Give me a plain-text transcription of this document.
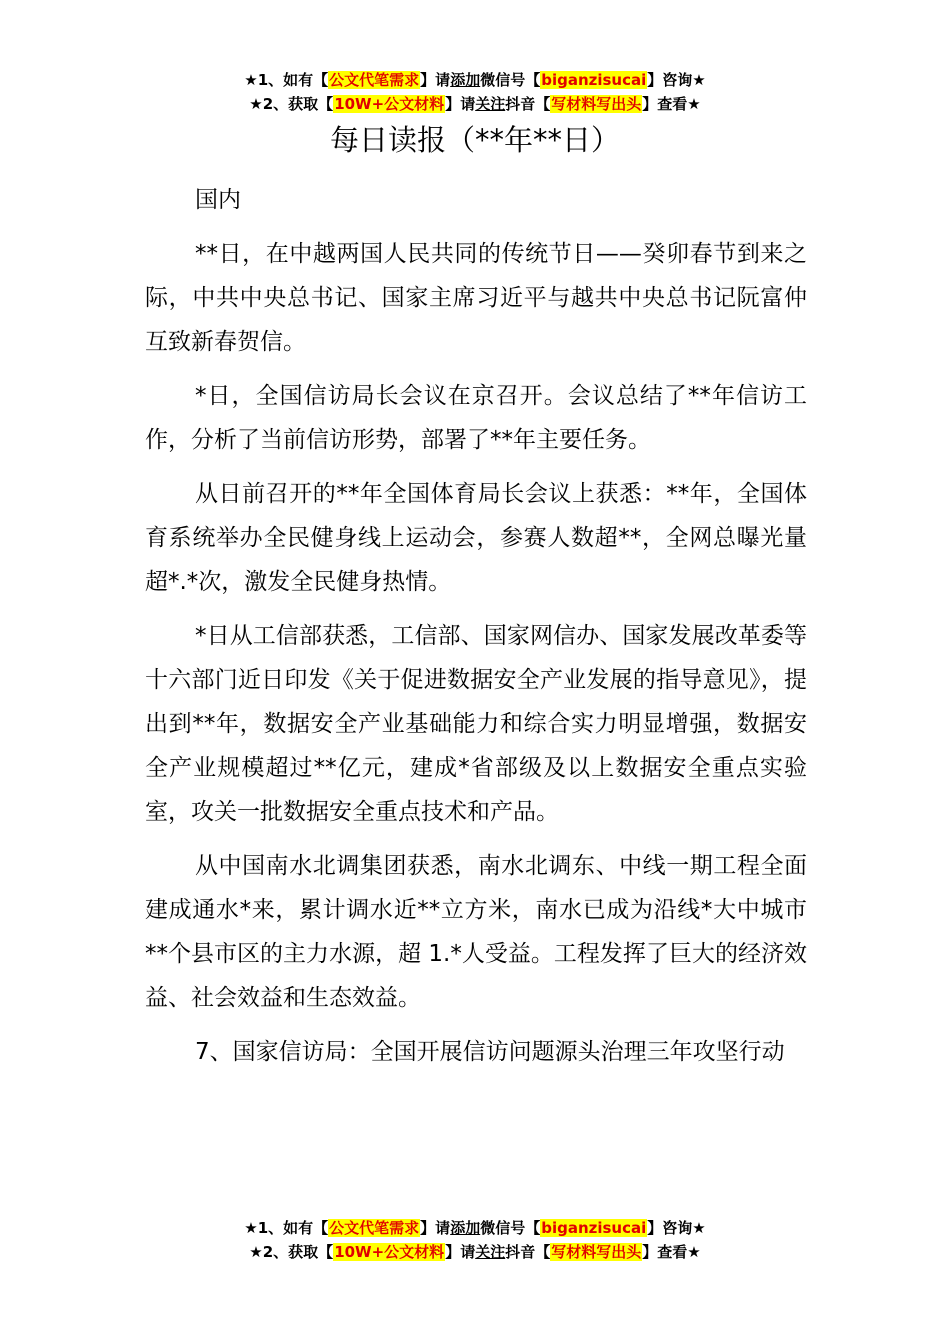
★1、如有【公文代笔需求】请添加微信号【biganzisucai】咨询★
★2、获取【10W+公文材料】请关注抖音【写材料写出头】查看★
每日读报（**年**日）

国内

**日，在中越两国人民共同的传统节日——癸卯春节到来之际，中共中央总书记、国家主席习近平与越共中央总书记阮富仲互致新春贺信。

*日，全国信访局长会议在京召开。会议总结了**年信访工作，分析了当前信访形势，部署了**年主要任务。

从日前召开的**年全国体育局长会议上获悉：**年，全国体育系统举办全民健身线上运动会，参赛人数超**，全网总曝光量超*.*次，激发全民健身热情。

*日从工信部获悉，工信部、国家网信办、国家发展改革委等十六部门近日印发《关于促进数据安全产业发展的指导意见》，提出到**年，数据安全产业基础能力和综合实力明显增强，数据安全产业规模超过**亿元，建成*省部级及以上数据安全重点实验室，攻关一批数据安全重点技术和产品。

从中国南水北调集团获悉，南水北调东、中线一期工程全面建成通水*来，累计调水近**立方米，南水已成为沿线*大中城市**个县市区的主力水源，超 1.*人受益。工程发挥了巨大的经济效益、社会效益和生态效益。

7、国家信访局：全国开展信访问题源头治理三年攻坚行动

★1、如有【公文代笔需求】请添加微信号【biganzisucai】咨询★
★2、获取【10W+公文材料】请关注抖音【写材料写出头】查看★
